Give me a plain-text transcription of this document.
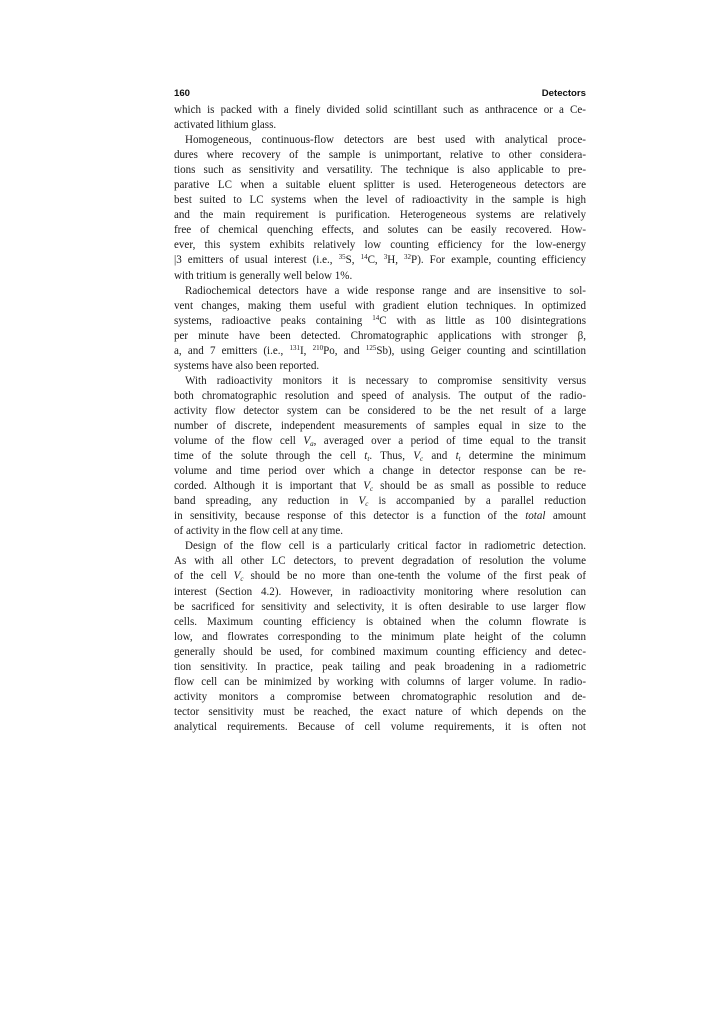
160	Detectors
which is packed with a finely divided solid scintillant such as anthracence or a Ce-
activated lithium glass.
Homogeneous, continuous-flow detectors are best used with analytical proce-
dures where recovery of the sample is unimportant, relative to other considera-
tions such as sensitivity and versatility. The technique is also applicable to pre-
parative LC when a suitable eluent splitter is used. Heterogeneous detectors are
best suited to LC systems when the level of radioactivity in the sample is high
and the main requirement is purification. Heterogeneous systems are relatively
free of chemical quenching effects, and solutes can be easily recovered. How-
ever, this system exhibits relatively low counting efficiency for the low-energy
|3 emitters of usual interest (i.e., $^{35}$S, $^{14}$C, $^3$H, $^{32}$P). For example, counting efficiency
with tritium is generally well below 1%.
Radiochemical detectors have a wide response range and are insensitive to sol-
vent changes, making them useful with gradient elution techniques. In optimized
systems, radioactive peaks containing $^{14}$C with as little as 100 disintegrations
per minute have been detected. Chromatographic applications with stronger β,
a, and 7 emitters (i.e., $^{131}$I, $^{210}$Po, and $^{125}$Sb), using Geiger counting and scintillation
systems have also been reported.
With radioactivity monitors it is necessary to compromise sensitivity versus
both chromatographic resolution and speed of analysis. The output of the radio-
activity flow detector system can be considered to be the net result of a large
number of discrete, independent measurements of samples equal in size to the
volume of the flow cell $V_a$, averaged over a period of time equal to the transit
time of the solute through the cell $t_t$. Thus, $V_c$ and $t_t$ determine the minimum
volume and time period over which a change in detector response can be re-
corded. Although it is important that $V_c$ should be as small as possible to reduce
band spreading, any reduction in $V_c$ is accompanied by a parallel reduction
in sensitivity, because response of this detector is a function of the total amount
of activity in the flow cell at any time.
Design of the flow cell is a particularly critical factor in radiometric detection.
As with all other LC detectors, to prevent degradation of resolution the volume
of the cell $V_c$ should be no more than one-tenth the volume of the first peak of
interest (Section 4.2). However, in radioactivity monitoring where resolution can
be sacrificed for sensitivity and selectivity, it is often desirable to use larger flow
cells. Maximum counting efficiency is obtained when the column flowrate is
low, and flowrates corresponding to the minimum plate height of the column
generally should be used, for combined maximum counting efficiency and detec-
tion sensitivity. In practice, peak tailing and peak broadening in a radiometric
flow cell can be minimized by working with columns of larger volume. In radio-
activity monitors a compromise between chromatographic resolution and de-
tector sensitivity must be reached, the exact nature of which depends on the
analytical requirements. Because of cell volume requirements, it is often not
